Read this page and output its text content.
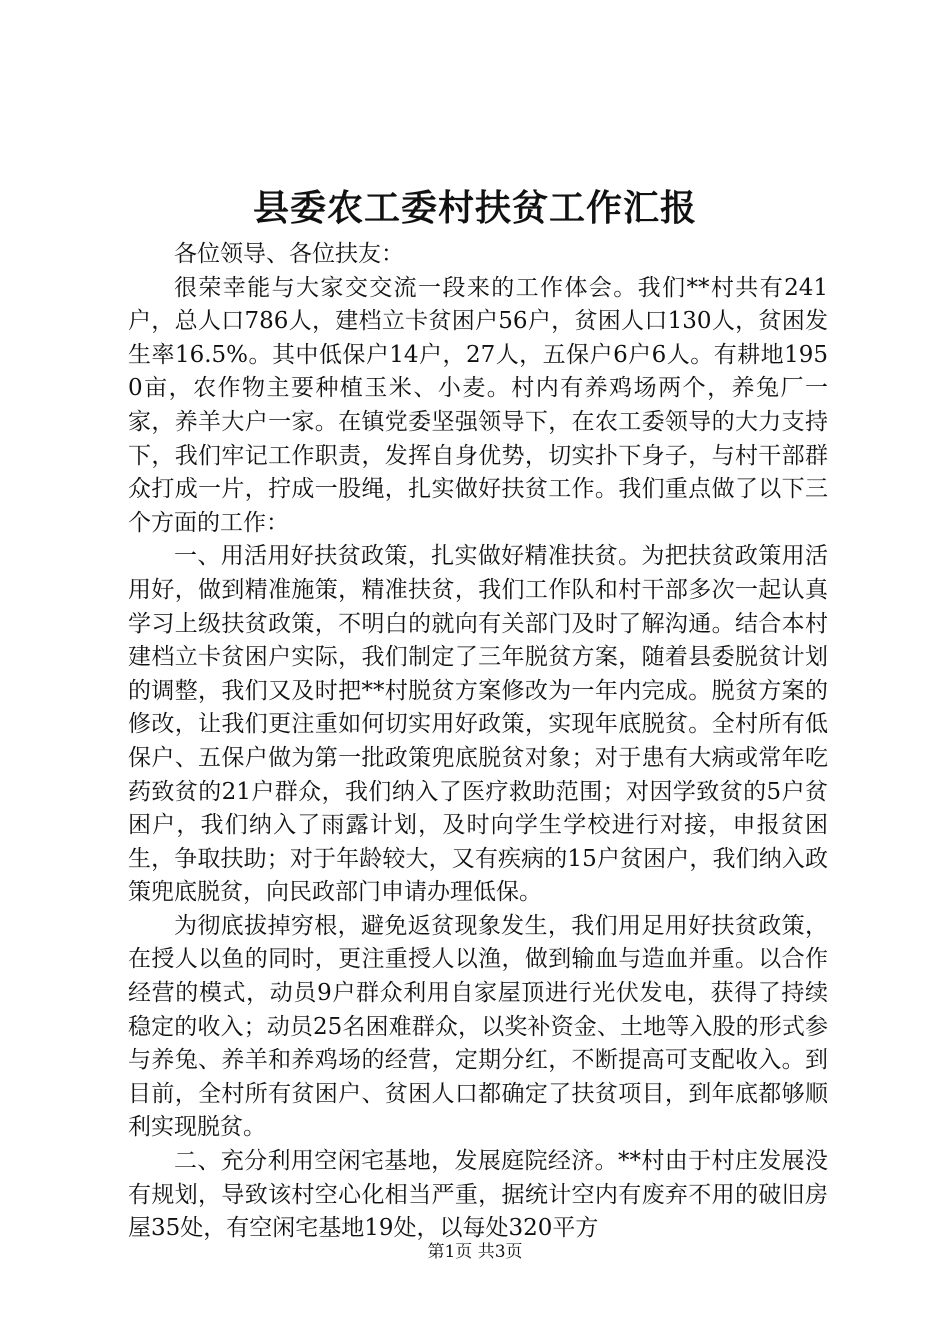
县委农工委村扶贫工作汇报

各位领导、各位扶友：

很荣幸能与大家交交流一段来的工作体会。我们**村共有241户，总人口786人，建档立卡贫困户56户，贫困人口130人，贫困发生率16.5%。其中低保户14户，27人，五保户6户6人。有耕地1950亩，农作物主要种植玉米、小麦。村内有养鸡场两个，养兔厂一家，养羊大户一家。在镇党委坚强领导下，在农工委领导的大力支持下，我们牢记工作职责，发挥自身优势，切实扑下身子，与村干部群众打成一片，拧成一股绳，扎实做好扶贫工作。我们重点做了以下三个方面的工作：

一、用活用好扶贫政策，扎实做好精准扶贫。为把扶贫政策用活用好，做到精准施策，精准扶贫，我们工作队和村干部多次一起认真学习上级扶贫政策，不明白的就向有关部门及时了解沟通。结合本村建档立卡贫困户实际，我们制定了三年脱贫方案，随着县委脱贫计划的调整，我们又及时把**村脱贫方案修改为一年内完成。脱贫方案的修改，让我们更注重如何切实用好政策，实现年底脱贫。全村所有低保户、五保户做为第一批政策兜底脱贫对象；对于患有大病或常年吃药致贫的21户群众，我们纳入了医疗救助范围；对因学致贫的5户贫困户，我们纳入了雨露计划，及时向学生学校进行对接，申报贫困生，争取扶助；对于年龄较大，又有疾病的15户贫困户，我们纳入政策兜底脱贫，向民政部门申请办理低保。

为彻底拔掉穷根，避免返贫现象发生，我们用足用好扶贫政策，在授人以鱼的同时，更注重授人以渔，做到输血与造血并重。以合作经营的模式，动员9户群众利用自家屋顶进行光伏发电，获得了持续稳定的收入；动员25名困难群众，以奖补资金、土地等入股的形式参与养兔、养羊和养鸡场的经营，定期分红，不断提高可支配收入。到目前，全村所有贫困户、贫困人口都确定了扶贫项目，到年底都够顺利实现脱贫。

二、充分利用空闲宅基地，发展庭院经济。**村由于村庄发展没有规划，导致该村空心化相当严重，据统计空内有废弃不用的破旧房屋35处，有空闲宅基地19处，以每处320平方

第1页 共3页
